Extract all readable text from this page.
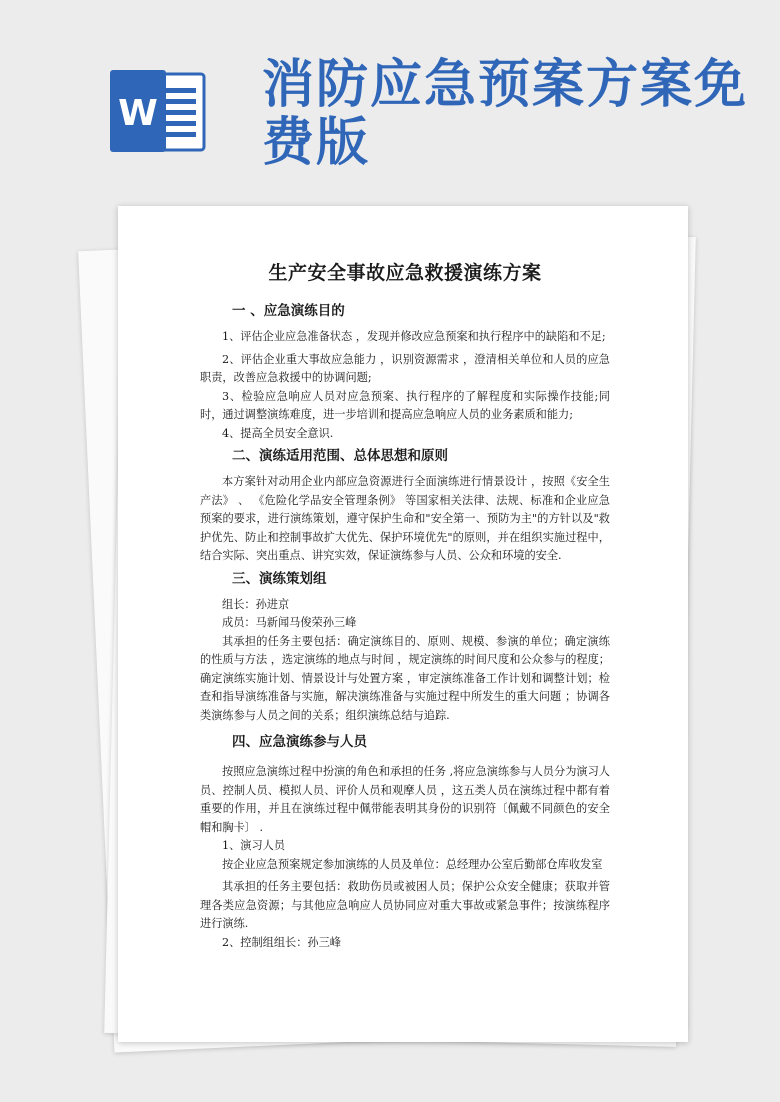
W 消防应急预案方案免费版
生产安全事故应急救援演练方案
一 、应急演练目的

1、评估企业应急准备状态 ，发现并修改应急预案和执行程序中的缺陷和不足;

2、评估企业重大事故应急能力 ，识别资源需求 ，澄清相关单位和人员的应急职责，改善应急救援中的协调问题;

3、检验应急响应人员对应急预案、执行程序的了解程度和实际操作技能;同时，通过调整演练难度，进一步培训和提高应急响应人员的业务素质和能力;

4、提高全员安全意识.

二、演练适用范围、总体思想和原则

本方案针对动用企业内部应急资源进行全面演练进行情景设计 ，按照《安全生产法》 、 《危险化学品安全管理条例》 等国家相关法律、法规、标准和企业应急预案的要求，进行演练策划，遵守保护生命和"安全第一、预防为主"的方针以及"救护优先、防止和控制事故扩大优先、保护环境优先"的原则，并在组织实施过程中，结合实际、突出重点、讲究实效，保证演练参与人员、公众和环境的安全.

三、演练策划组

组长：孙进京

成员：马新闻马俊荣孙三峰

其承担的任务主要包括：确定演练目的、原则、规模、参演的单位；确定演练的性质与方法 ，选定演练的地点与时间 ，规定演练的时间尺度和公众参与的程度；确定演练实施计划、情景设计与处置方案 ，审定演练准备工作计划和调整计划；检查和指导演练准备与实施，解决演练准备与实施过程中所发生的重大问题 ；协调各类演练参与人员之间的关系；组织演练总结与追踪.

四、应急演练参与人员

按照应急演练过程中扮演的角色和承担的任务 ,将应急演练参与人员分为演习人员、控制人员、模拟人员、评价人员和观摩人员 ，这五类人员在演练过程中都有着重要的作用，并且在演练过程中佩带能表明其身份的识别符〔佩戴不同颜色的安全帽和胸卡〕 .

1、演习人员

按企业应急预案规定参加演练的人员及单位：总经理办公室后勤部仓库收发室

其承担的任务主要包括：救助伤员或被困人员；保护公众安全健康；获取并管理各类应急资源；与其他应急响应人员协同应对重大事故或紧急事件；按演练程序进行演练.

2、控制组组长：孙三峰
